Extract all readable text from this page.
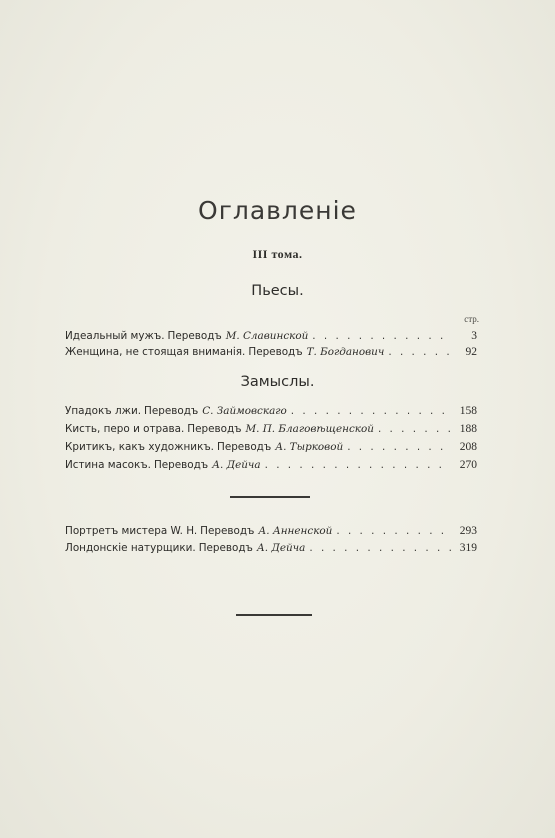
Оглавленіе
III тома.
Пьесы.
стр.
Идеальный мужъ. Переводъ М. Славинской . . .	3
Женщина, не стоящая вниманія. Переводъ Т. Богданович . . .	92
Замыслы.
Упадокъ лжи. Переводъ С. Займовскаго . . .	158
Кисть, перо и отрава. Переводъ М. П. Благовѣщенской . . .	188
Критикъ, какъ художникъ. Переводъ А. Тырковой . . .	208
Истина масокъ. Переводъ А. Дейча . . .	270
Портретъ мистера W. H. Переводъ А. Анненской . . .	293
Лондонскіе натурщики. Переводъ А. Дейча . . .	319
